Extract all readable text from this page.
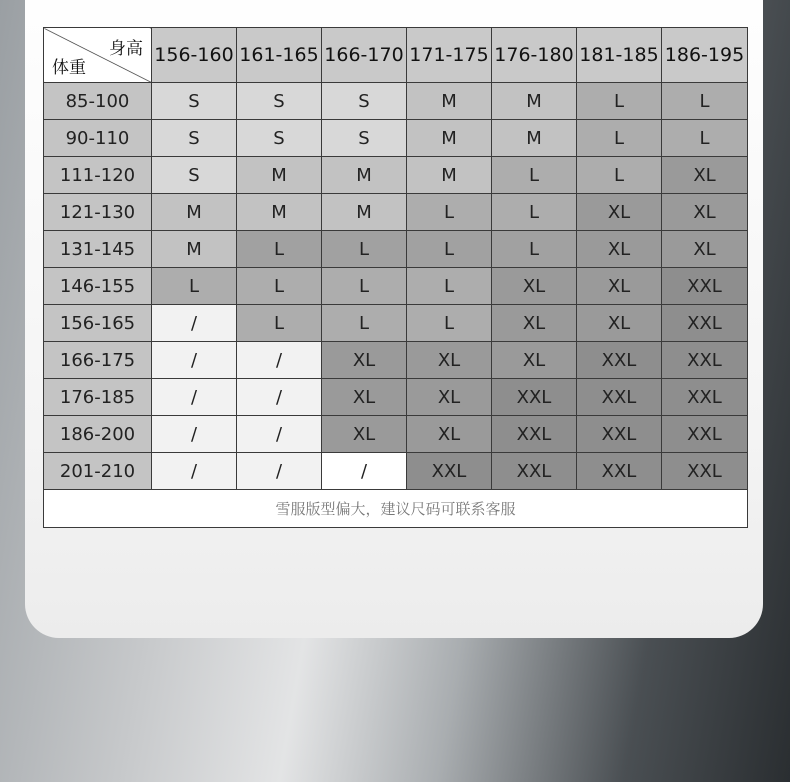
身高
体重	156-160	161-165	166-170	171-175	176-180	181-185	186-195
85-100	S	S	S	M	M	L	L
90-110	S	S	S	M	M	L	L
111-120	S	M	M	M	L	L	XL
121-130	M	M	M	L	L	XL	XL
131-145	M	L	L	L	L	XL	XL
146-155	L	L	L	L	XL	XL	XXL
156-165	/	L	L	L	XL	XL	XXL
166-175	/	/	XL	XL	XL	XXL	XXL
176-185	/	/	XL	XL	XXL	XXL	XXL
186-200	/	/	XL	XL	XXL	XXL	XXL
201-210	/	/	/	XXL	XXL	XXL	XXL
雪服版型偏大，建议尺码可联系客服							
